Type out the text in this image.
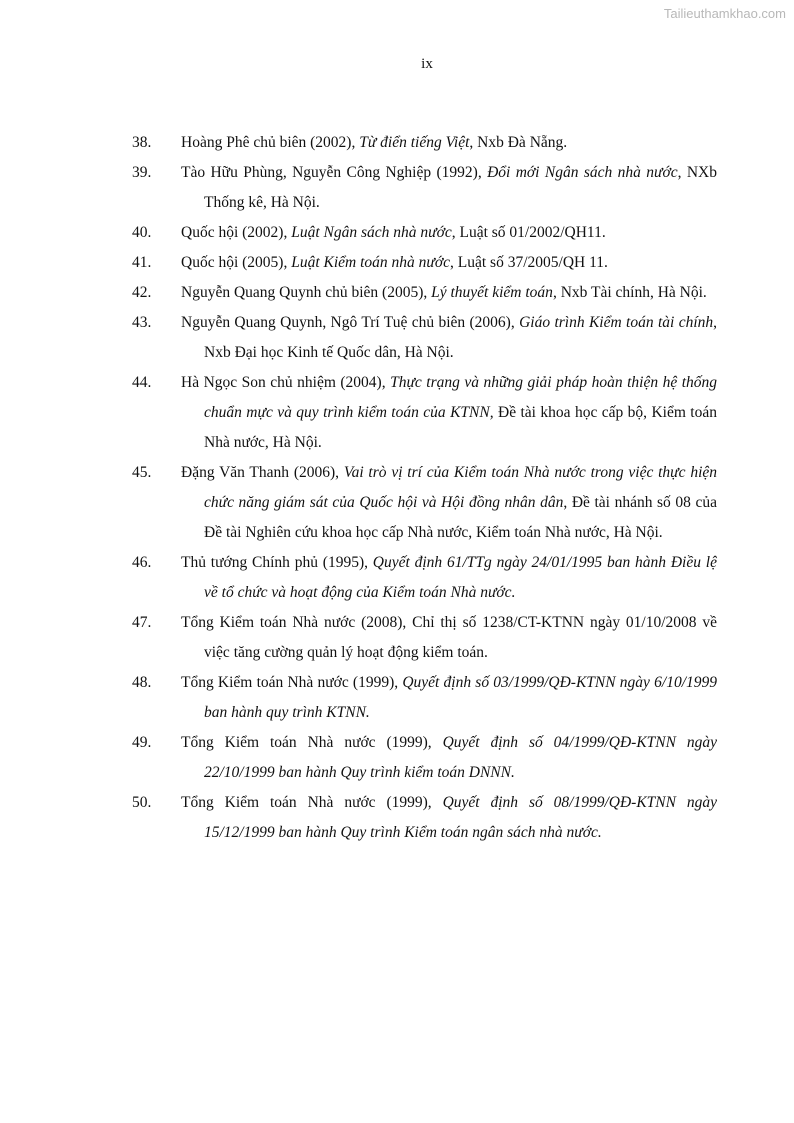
Tailieuthamkhao.com
ix
38. Hoàng Phê chủ biên (2002), Từ điển tiếng Việt, Nxb Đà Nẵng.
39. Tào Hữu Phùng, Nguyễn Công Nghiệp (1992), Đổi mới Ngân sách nhà nước, NXb Thống kê, Hà Nội.
40. Quốc hội (2002), Luật Ngân sách nhà nước, Luật số 01/2002/QH11.
41. Quốc hội (2005), Luật Kiểm toán nhà nước, Luật số 37/2005/QH 11.
42. Nguyễn Quang Quynh chủ biên (2005), Lý thuyết kiểm toán, Nxb Tài chính, Hà Nội.
43. Nguyễn Quang Quynh, Ngô Trí Tuệ chủ biên (2006), Giáo trình Kiểm toán tài chính, Nxb Đại học Kinh tế Quốc dân, Hà Nội.
44. Hà Ngọc Son chủ nhiệm (2004), Thực trạng và những giải pháp hoàn thiện hệ thống chuẩn mực và quy trình kiểm toán của KTNN, Đề tài khoa học cấp bộ, Kiểm toán Nhà nước, Hà Nội.
45. Đặng Văn Thanh (2006), Vai trò vị trí của Kiểm toán Nhà nước trong việc thực hiện chức năng giám sát của Quốc hội và Hội đồng nhân dân, Đề tài nhánh số 08 của Đề tài Nghiên cứu khoa học cấp Nhà nước, Kiểm toán Nhà nước, Hà Nội.
46. Thủ tướng Chính phủ (1995), Quyết định 61/TTg ngày 24/01/1995 ban hành Điều lệ về tổ chức và hoạt động của Kiểm toán Nhà nước.
47. Tổng Kiểm toán Nhà nước (2008), Chỉ thị số 1238/CT-KTNN ngày 01/10/2008 về việc tăng cường quản lý hoạt động kiểm toán.
48. Tổng Kiểm toán Nhà nước (1999), Quyết định số 03/1999/QĐ-KTNN ngày 6/10/1999 ban hành quy trình KTNN.
49. Tổng Kiểm toán Nhà nước (1999), Quyết định số 04/1999/QĐ-KTNN ngày 22/10/1999 ban hành Quy trình kiểm toán DNNN.
50. Tổng Kiểm toán Nhà nước (1999), Quyết định số 08/1999/QĐ-KTNN ngày 15/12/1999 ban hành Quy trình Kiểm toán ngân sách nhà nước.
